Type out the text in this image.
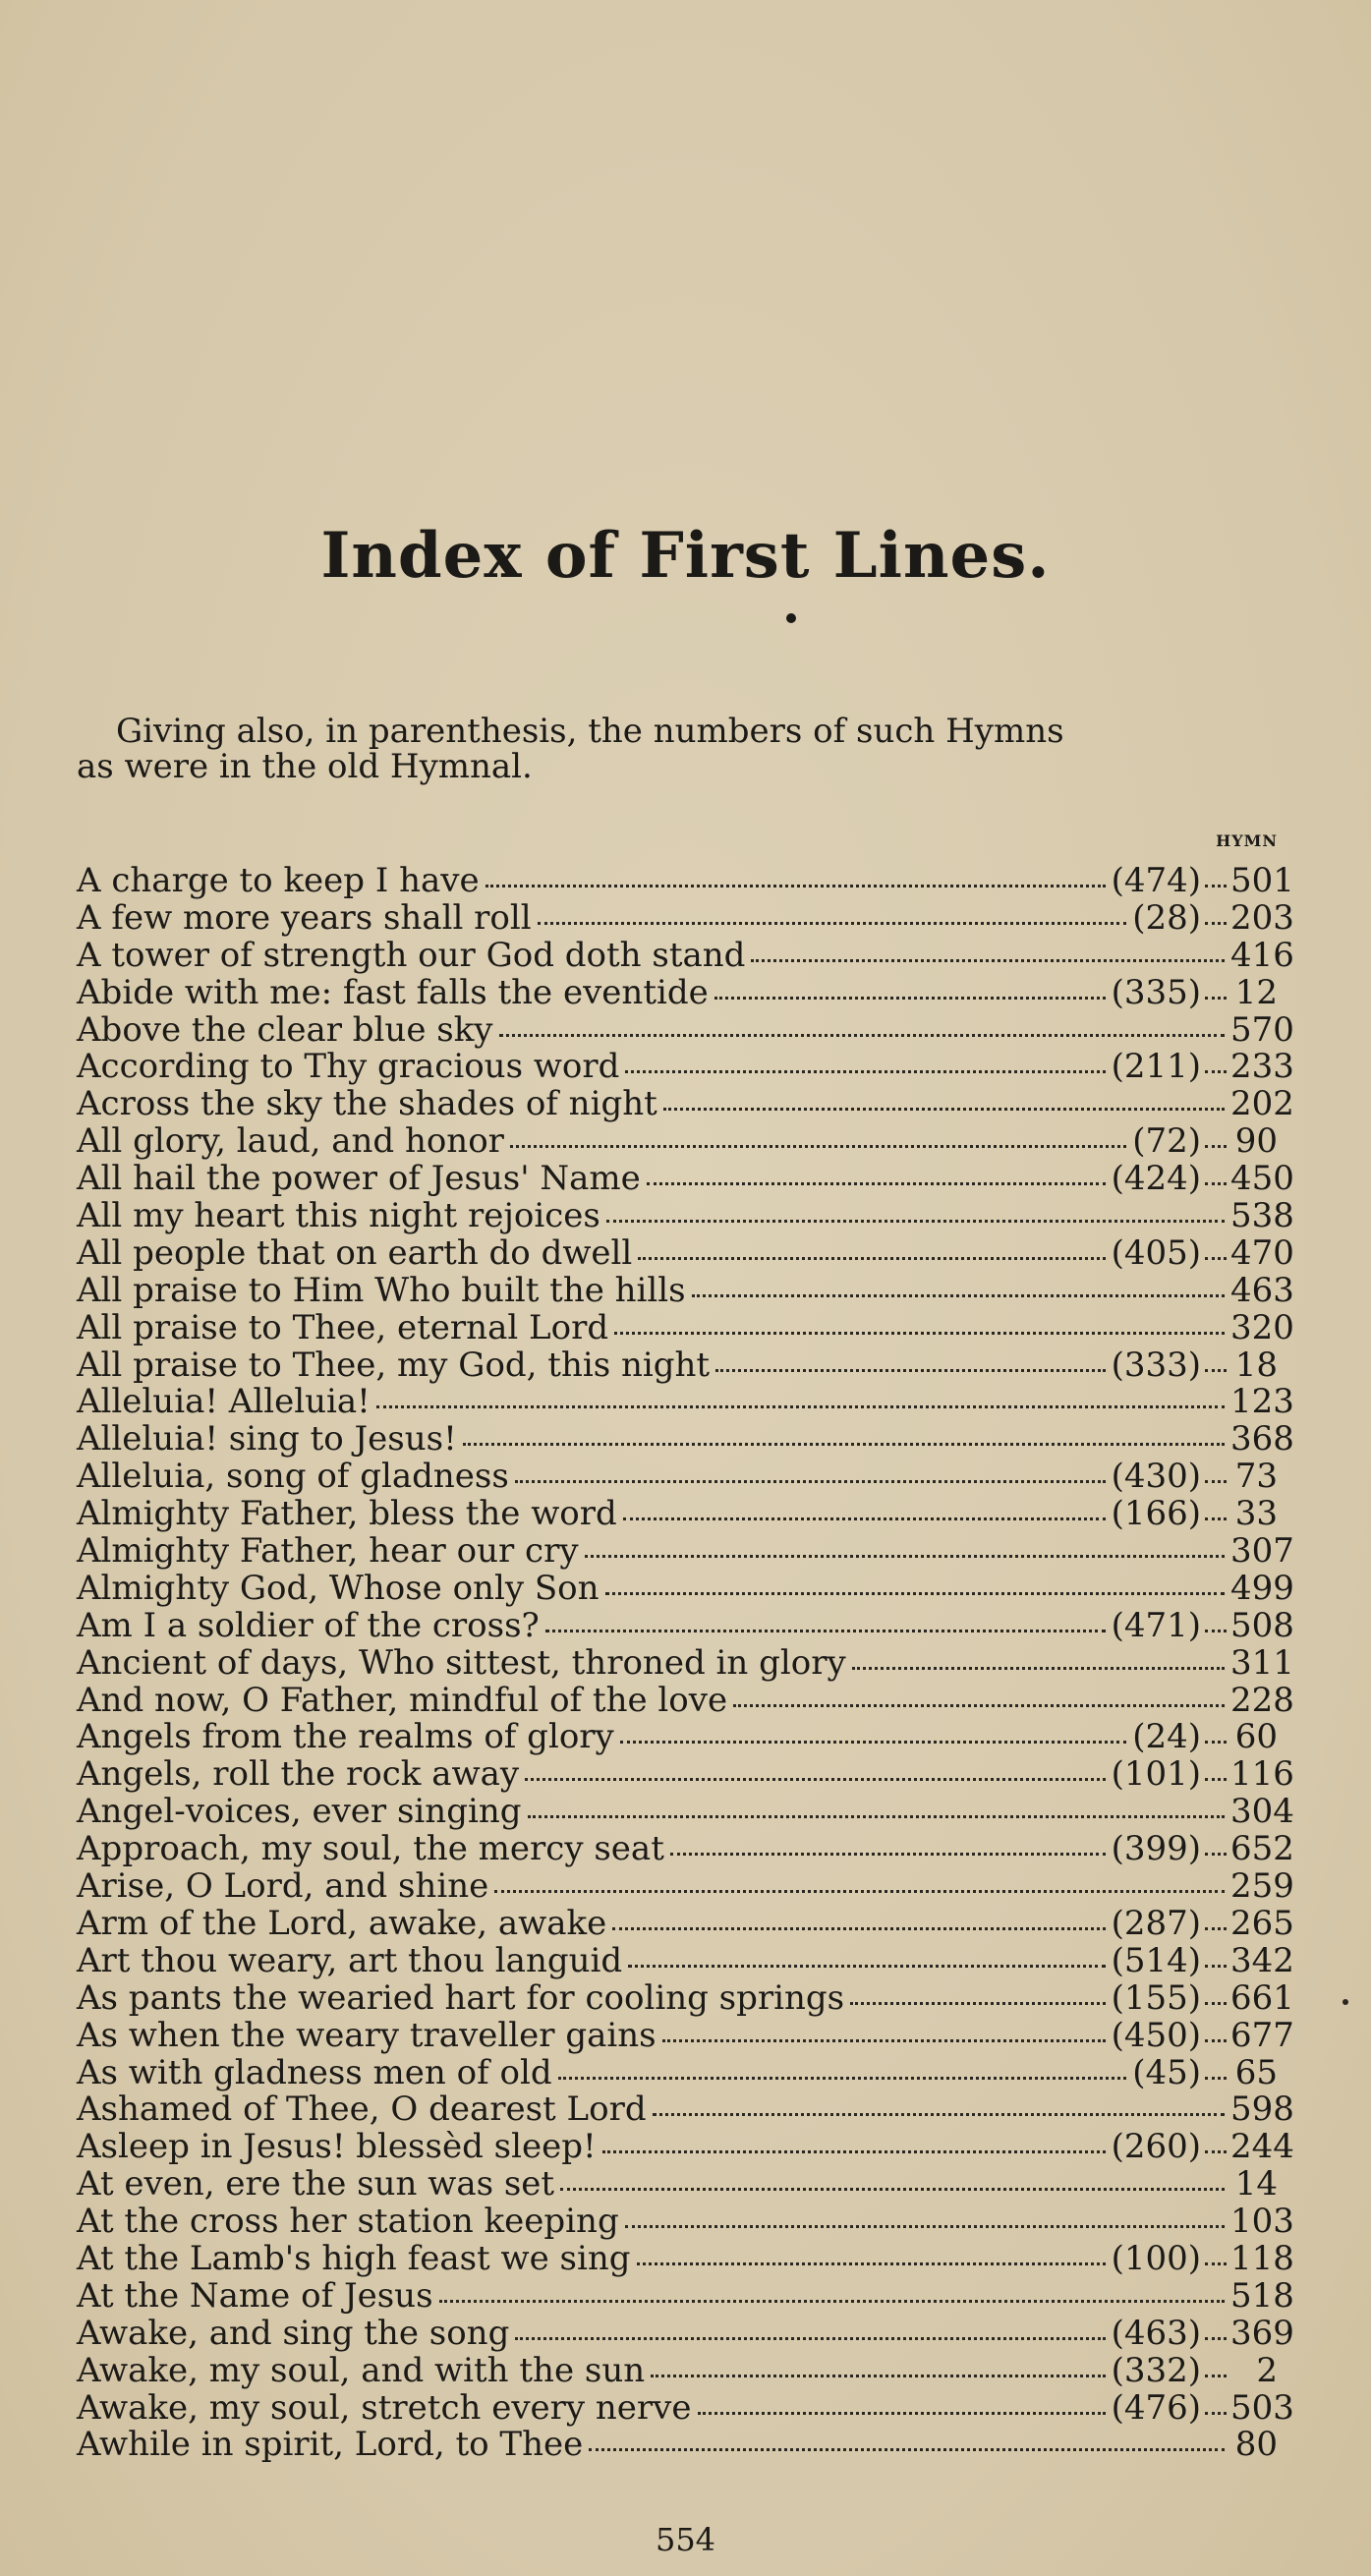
Index of First Lines.
Giving also, in parenthesis, the numbers of such Hymns
as were in the old Hymnal.
HYMN
A charge to keep I have	(474) 501
A few more years shall roll	(28) 203
A tower of strength our God doth stand	416
Abide with me: fast falls the eventide	(335) 12
Above the clear blue sky	570
According to Thy gracious word	(211) 233
Across the sky the shades of night	202
All glory, laud, and honor	(72) 90
All hail the power of Jesus' Name	(424) 450
All my heart this night rejoices	538
All people that on earth do dwell	(405) 470
All praise to Him Who built the hills	463
All praise to Thee, eternal Lord	320
All praise to Thee, my God, this night	(333) 18
Alleluia! Alleluia!	123
Alleluia! sing to Jesus!	368
Alleluia, song of gladness	(430) 73
Almighty Father, bless the word	(166) 33
Almighty Father, hear our cry	307
Almighty God, Whose only Son	499
Am I a soldier of the cross?	(471) 508
Ancient of days, Who sittest, throned in glory	311
And now, O Father, mindful of the love	228
Angels from the realms of glory	(24) 60
Angels, roll the rock away	(101) 116
Angel-voices, ever singing	304
Approach, my soul, the mercy seat	(399) 652
Arise, O Lord, and shine	259
Arm of the Lord, awake, awake	(287) 265
Art thou weary, art thou languid	(514) 342
As pants the wearied hart for cooling springs	(155) 661
As when the weary traveller gains	(450) 677
As with gladness men of old	(45) 65
Ashamed of Thee, O dearest Lord	598
Asleep in Jesus! blessèd sleep!	(260) 244
At even, ere the sun was set	14
At the cross her station keeping	103
At the Lamb's high feast we sing	(100) 118
At the Name of Jesus	518
Awake, and sing the song	(463) 369
Awake, my soul, and with the sun	(332)	2
Awake, my soul, stretch every nerve	(476) 503
Awhile in spirit, Lord, to Thee	80
554
